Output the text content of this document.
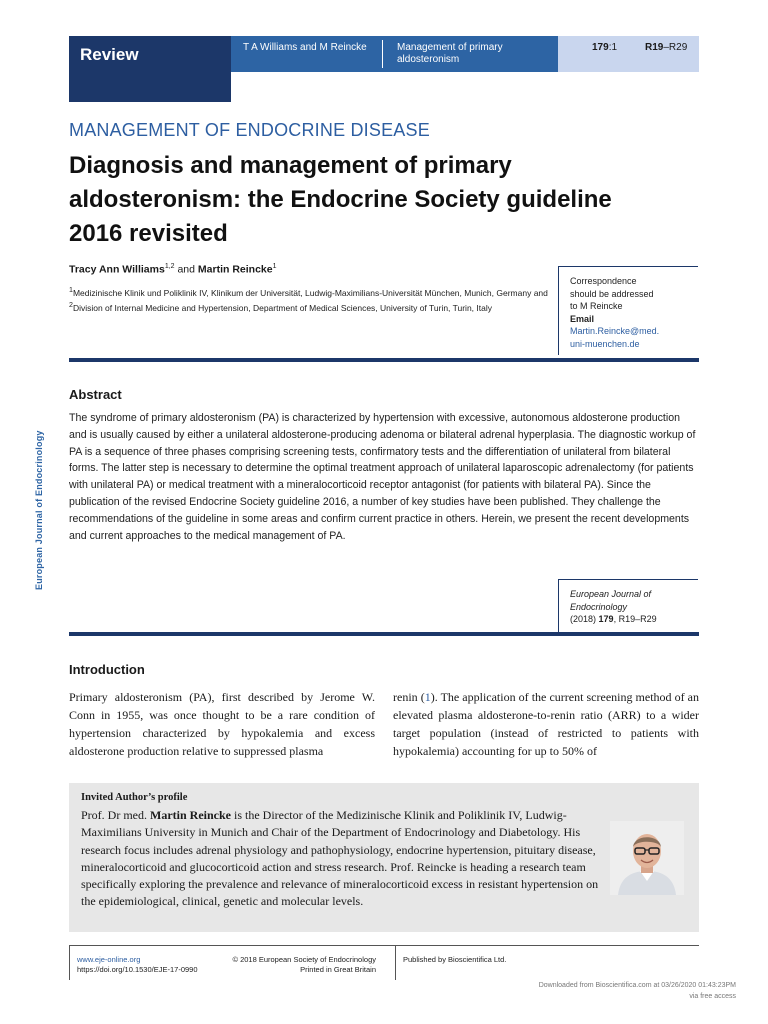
Review	T A Williams and M Reincke	Management of primary aldosteronism
179:1	R19–R29
MANAGEMENT OF ENDOCRINE DISEASE
Diagnosis and management of primary aldosteronism: the Endocrine Society guideline 2016 revisited
Tracy Ann Williams$^{1,2}$ and Martin Reincke$^1$
$^1$Medizinische Klinik und Poliklinik IV, Klinikum der Universität, Ludwig-Maximilians-Universität München, Munich, Germany and $^2$Division of Internal Medicine and Hypertension, Department of Medical Sciences, University of Turin, Turin, Italy
Correspondence
should be addressed
to M Reincke
Email
Martin.Reincke@med.
uni-muenchen.de
Abstract
The syndrome of primary aldosteronism (PA) is characterized by hypertension with excessive, autonomous aldosterone production and is usually caused by either a unilateral aldosterone-producing adenoma or bilateral adrenal hyperplasia. The diagnostic workup of PA is a sequence of three phases comprising screening tests, confirmatory tests and the differentiation of unilateral from bilateral forms. The latter step is necessary to determine the optimal treatment approach of unilateral laparoscopic adrenalectomy (for patients with unilateral PA) or medical treatment with a mineralocorticoid receptor antagonist (for patients with bilateral PA). Since the publication of the revised Endocrine Society guideline 2016, a number of key studies have been published. They challenge the recommendations of the guideline in some areas and confirm current practice in others. Herein, we present the recent developments and current approaches to the medical management of PA.
European Journal of
Endocrinology
(2018) 179, R19–R29
European Journal of Endocrinology
Introduction
Primary aldosteronism (PA), first described by Jerome W. Conn in 1955, was once thought to be a rare condition of hypertension characterized by hypokalemia and excess aldosterone production relative to suppressed plasma
renin (1). The application of the current screening method of an elevated plasma aldosterone-to-renin ratio (ARR) to a wider target population (instead of restricted to patients with hypokalemia) accounting for up to 50% of
Invited Author’s profile
Prof. Dr med. Martin Reincke is the Director of the Medizinische Klinik and Poliklinik IV, Ludwig-Maximilians University in Munich and Chair of the Department of Endocrinology and Diabetology. His research focus includes adrenal physiology and pathophysiology, endocrine hypertension, pituitary disease, mineralocorticoid and glucocorticoid action and stress research. Prof. Reincke is heading a research team specifically exploring the prevalence and relevance of mineralocorticoid excess in resistant hypertension on the epidemiological, clinical, genetic and molecular levels.
www.eje-online.org
https://doi.org/10.1530/EJE-17-0990
© 2018 European Society of Endocrinology
Printed in Great Britain
Published by Bioscientifica Ltd.
Downloaded from Bioscientifica.com at 03/26/2020 01:43:23PM
via free access
